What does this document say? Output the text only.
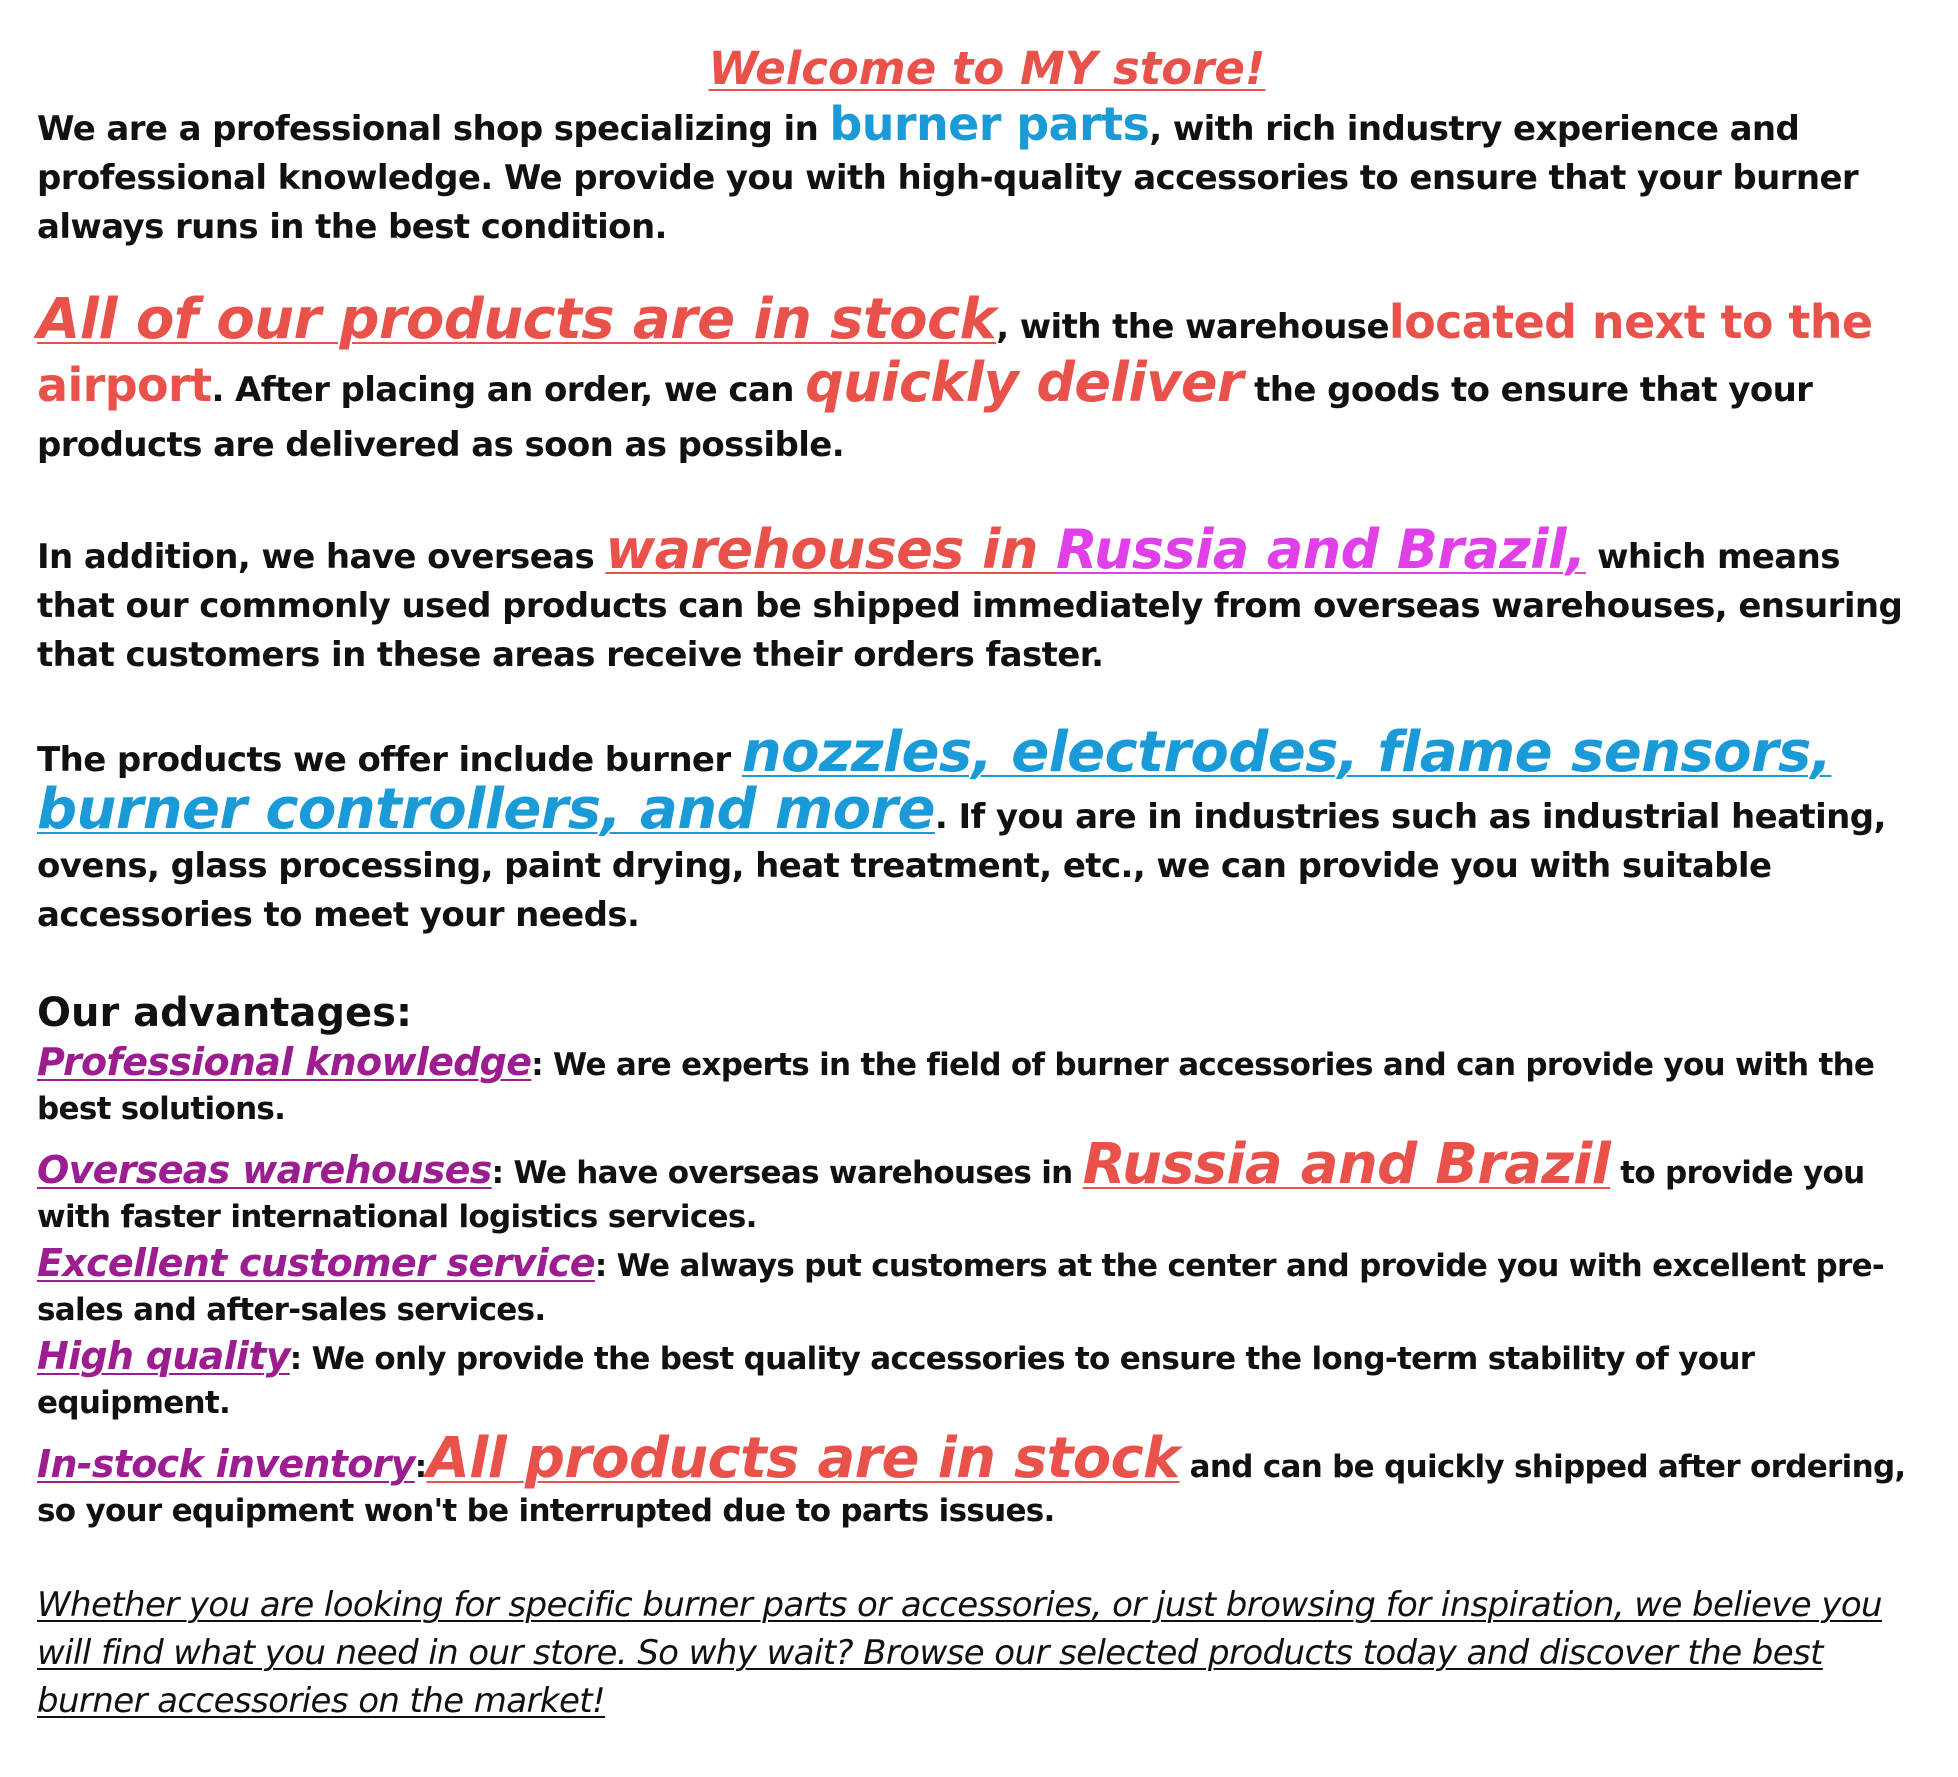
Welcome to MY store!

We are a professional shop specializing in burner parts, with rich industry experience and professional knowledge. We provide you with high-quality accessories to ensure that your burner always runs in the best condition.

All of our products are in stock, with the warehouselocated next to the airport. After placing an order, we can quickly deliver the goods to ensure that your products are delivered as soon as possible.

In addition, we have overseas warehouses in Russia and Brazil, which means that our commonly used products can be shipped immediately from overseas warehouses, ensuring that customers in these areas receive their orders faster.

The products we offer include burner nozzles, electrodes, flame sensors, burner controllers, and more. If you are in industries such as industrial heating, ovens, glass processing, paint drying, heat treatment, etc., we can provide you with suitable accessories to meet your needs.

Our advantages:

Professional knowledge: We are experts in the field of burner accessories and can provide you with the best solutions.

Overseas warehouses: We have overseas warehouses in Russia and Brazil to provide you with faster international logistics services.

Excellent customer service: We always put customers at the center and provide you with excellent pre-sales and after-sales services.

High quality: We only provide the best quality accessories to ensure the long-term stability of your equipment.

In-stock inventory:All products are in stock and can be quickly shipped after ordering, so your equipment won't be interrupted due to parts issues.

Whether you are looking for specific burner parts or accessories, or just browsing for inspiration, we believe you will find what you need in our store. So why wait? Browse our selected products today and discover the best burner accessories on the market!
